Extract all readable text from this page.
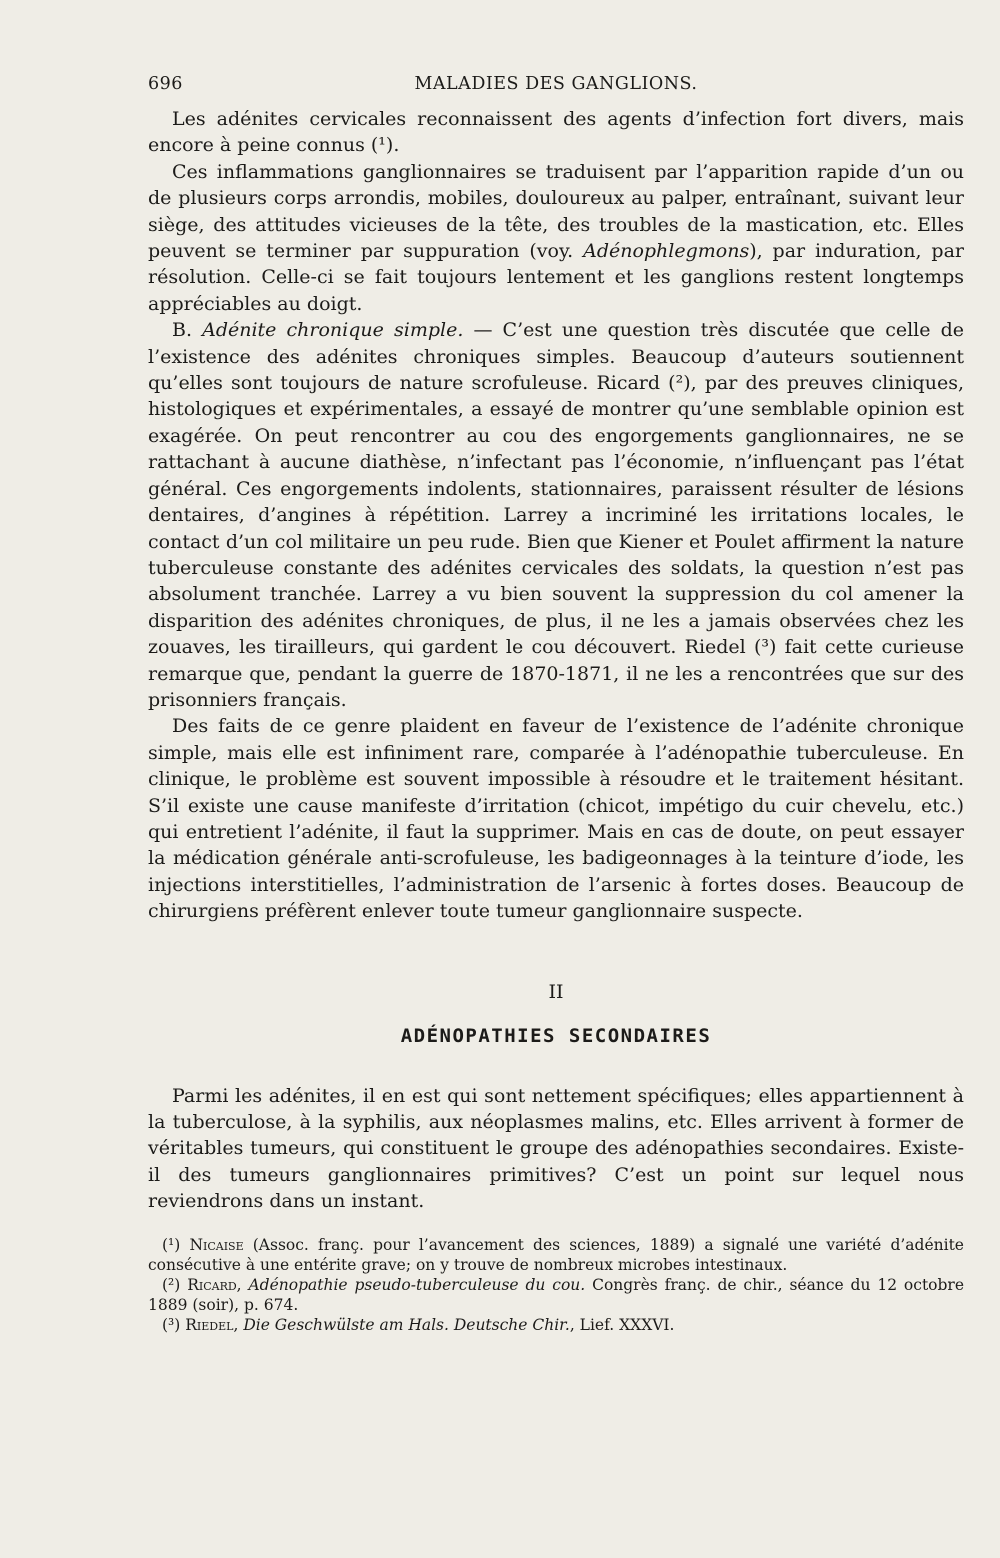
696	MALADIES DES GANGLIONS.

Les adénites cervicales reconnaissent des agents d’infection fort divers, mais encore à peine connus (¹).

Ces inflammations ganglionnaires se traduisent par l’apparition rapide d’un ou de plusieurs corps arrondis, mobiles, douloureux au palper, entraînant, suivant leur siège, des attitudes vicieuses de la tête, des troubles de la mastication, etc. Elles peuvent se terminer par suppuration (voy. Adénophlegmons), par induration, par résolution. Celle-ci se fait toujours lentement et les ganglions restent longtemps appréciables au doigt.

B. Adénite chronique simple. — C’est une question très discutée que celle de l’existence des adénites chroniques simples. Beaucoup d’auteurs soutiennent qu’elles sont toujours de nature scrofuleuse. Ricard (²), par des preuves cliniques, histologiques et expérimentales, a essayé de montrer qu’une semblable opinion est exagérée. On peut rencontrer au cou des engorgements ganglionnaires, ne se rattachant à aucune diathèse, n’infectant pas l’économie, n’influençant pas l’état général. Ces engorgements indolents, stationnaires, paraissent résulter de lésions dentaires, d’angines à répétition. Larrey a incriminé les irritations locales, le contact d’un col militaire un peu rude. Bien que Kiener et Poulet affirment la nature tuberculeuse constante des adénites cervicales des soldats, la question n’est pas absolument tranchée. Larrey a vu bien souvent la suppression du col amener la disparition des adénites chroniques, de plus, il ne les a jamais observées chez les zouaves, les tirailleurs, qui gardent le cou découvert. Riedel (³) fait cette curieuse remarque que, pendant la guerre de 1870-1871, il ne les a rencontrées que sur des prisonniers français.

Des faits de ce genre plaident en faveur de l’existence de l’adénite chronique simple, mais elle est infiniment rare, comparée à l’adénopathie tuberculeuse. En clinique, le problème est souvent impossible à résoudre et le traitement hésitant. S’il existe une cause manifeste d’irritation (chicot, impétigo du cuir chevelu, etc.) qui entretient l’adénite, il faut la supprimer. Mais en cas de doute, on peut essayer la médication générale anti-scrofuleuse, les badigeonnages à la teinture d’iode, les injections interstitielles, l’administration de l’arsenic à fortes doses. Beaucoup de chirurgiens préfèrent enlever toute tumeur ganglionnaire suspecte.

II
ADÉNOPATHIES SECONDAIRES

Parmi les adénites, il en est qui sont nettement spécifiques; elles appartiennent à la tuberculose, à la syphilis, aux néoplasmes malins, etc. Elles arrivent à former de véritables tumeurs, qui constituent le groupe des adénopathies secondaires. Existe-il des tumeurs ganglionnaires primitives? C’est un point sur lequel nous reviendrons dans un instant.

(¹) Nicaise (Assoc. franç. pour l’avancement des sciences, 1889) a signalé une variété d’adénite consécutive à une entérite grave; on y trouve de nombreux microbes intestinaux.

(²) Ricard, Adénopathie pseudo-tuberculeuse du cou. Congrès franç. de chir., séance du 12 octobre 1889 (soir), p. 674.

(³) Riedel, Die Geschwülste am Hals. Deutsche Chir., Lief. XXXVI.
